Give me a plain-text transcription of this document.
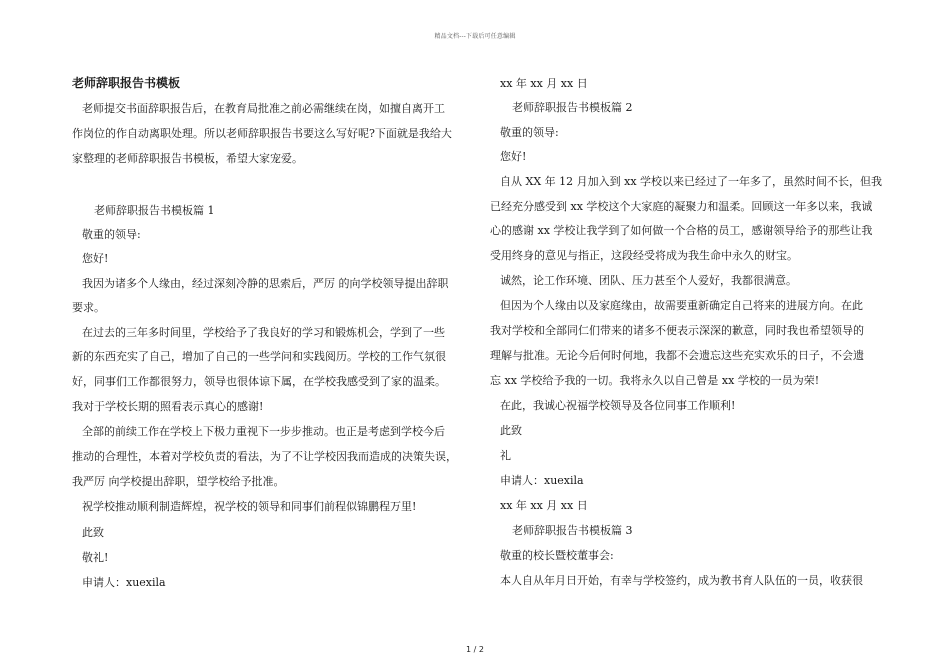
精品文档---下载后可任意编辑
老师辞职报告书模板
老师提交书面辞职报告后，在教育局批准之前必需继续在岗，如擅自离开工
作岗位的作自动离职处理。所以老师辞职报告书要这么写好呢?下面就是我给大
家整理的老师辞职报告书模板，希望大家宠爱。
老师辞职报告书模板篇 1
敬重的领导:
您好!
我因为诸多个人缘由，经过深刻冷静的思索后，严厉 的向学校领导提出辞职
要求。
在过去的三年多时间里，学校给予了我良好的学习和锻炼机会，学到了一些
新的东西充实了自己，增加了自己的一些学问和实践阅历。学校的工作气氛很
好，同事们工作都很努力，领导也很体谅下属，在学校我感受到了家的温柔。
我对于学校长期的照看表示真心的感谢!
全部的前续工作在学校上下极力重视下一步步推动。也正是考虑到学校今后
推动的合理性，本着对学校负责的看法，为了不让学校因我而造成的决策失误，
我严厉 向学校提出辞职，望学校给予批准。
祝学校推动顺利制造辉煌，祝学校的领导和同事们前程似锦鹏程万里!
此致
敬礼!
申请人：xuexila
xx 年 xx 月 xx 日
老师辞职报告书模板篇 2
敬重的领导:
您好!
自从 XX 年 12 月加入到 xx 学校以来已经过了一年多了，虽然时间不长，但我
已经充分感受到 xx 学校这个大家庭的凝聚力和温柔。回顾这一年多以来，我诚
心的感谢 xx 学校让我学到了如何做一个合格的员工，感谢领导给予的那些让我
受用终身的意见与指正，这段经受将成为我生命中永久的财宝。
诚然，论工作环境、团队、压力甚至个人爱好，我都很满意。
但因为个人缘由以及家庭缘由，故需要重新确定自己将来的进展方向。在此
我对学校和全部同仁们带来的诸多不便表示深深的歉意，同时我也希望领导的
理解与批准。无论今后何时何地，我都不会遗忘这些充实欢乐的日子，不会遗
忘 xx 学校给予我的一切。我将永久以自己曾是 xx 学校的一员为荣!
在此，我诚心祝福学校领导及各位同事工作顺利!
此致
礼
申请人：xuexila
xx 年 xx 月 xx 日
老师辞职报告书模板篇 3
敬重的校长暨校董事会:
本人自从年月日开始，有幸与学校签约，成为教书育人队伍的一员，收获很
1 / 2
